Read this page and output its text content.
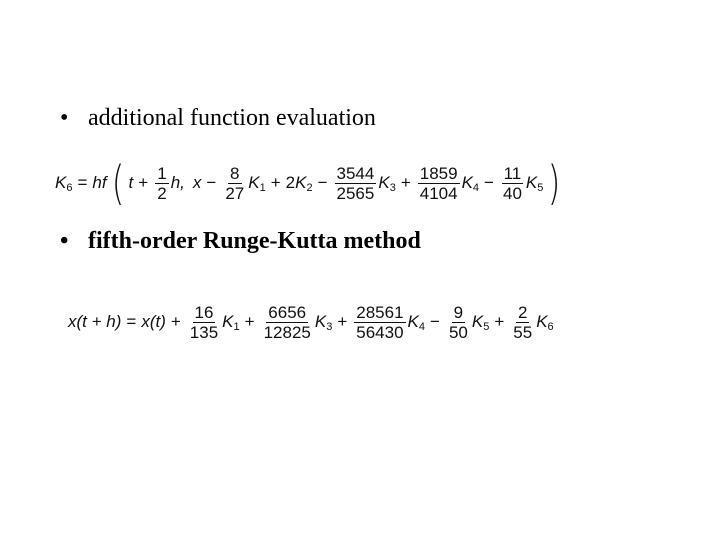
• additional function evaluation
$K_6$ = hf ( $t + \frac{1}{2} h$, $x - \frac{8}{27} K_1 + 2$ $K_2 - \frac{3544}{2565} K_3 + \frac{1859}{4104} K_4 - \frac{11}{40} K_5$ )
• fifth-order Runge-Kutta method
$x(t + h) = x(t) + \frac{16}{135} K_1 + \frac{6656}{12825} K_3 + \frac{28561}{56430} K_4 - \frac{9}{50} K_5 + \frac{2}{55} K_6$
